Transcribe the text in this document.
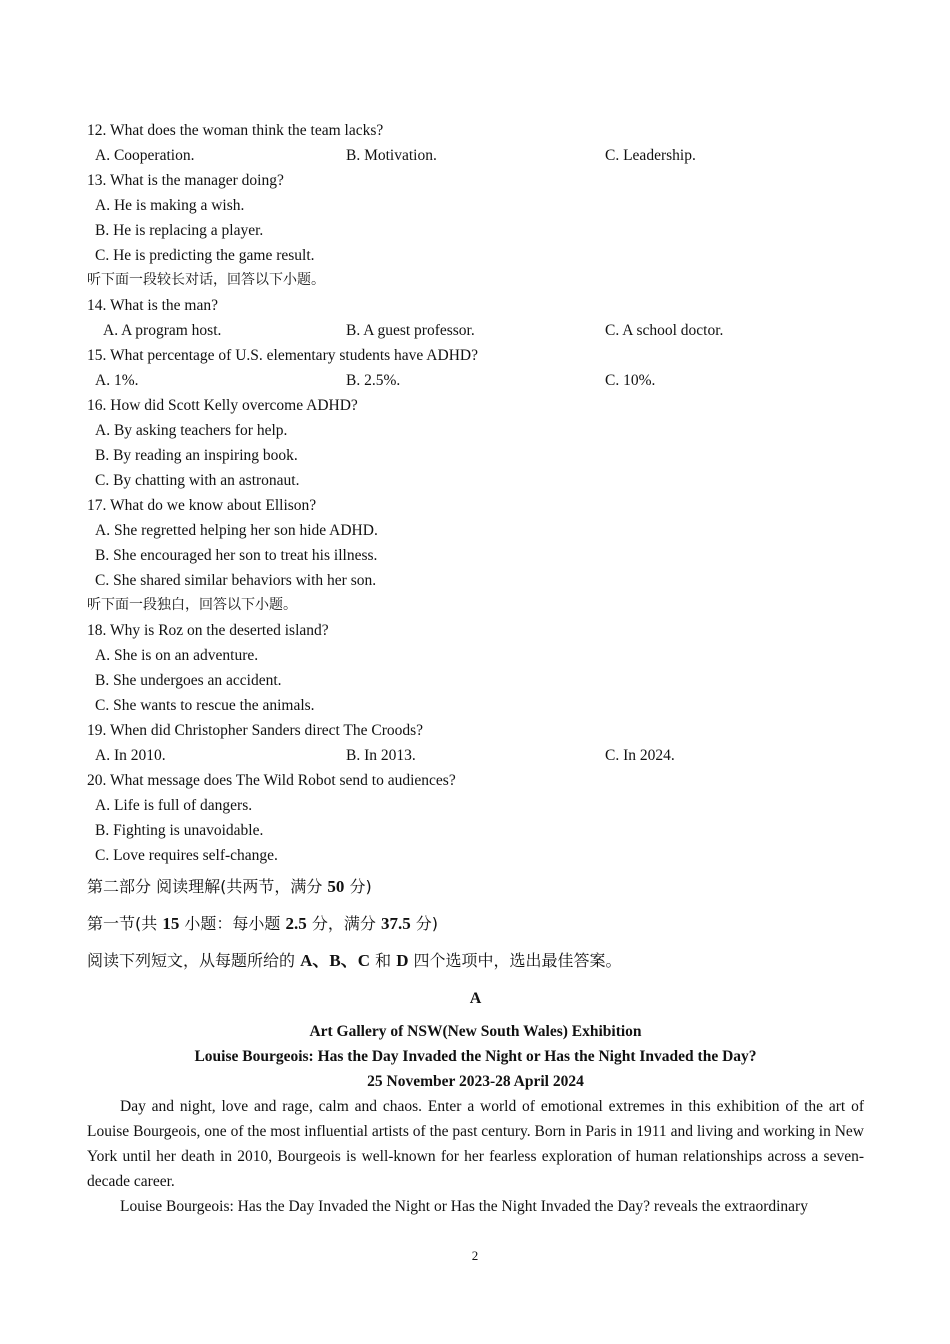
12. What does the woman think the team lacks?
A. Cooperation.	B. Motivation.	C. Leadership.
13. What is the manager doing?
A. He is making a wish.
B. He is replacing a player.
C. He is predicting the game result.
听下面一段较长对话，回答以下小题。
14. What is the man?
A. A program host.	B. A guest professor.	C. A school doctor.
15. What percentage of U.S. elementary students have ADHD?
A. 1%.	B. 2.5%.	C. 10%.
16. How did Scott Kelly overcome ADHD?
A. By asking teachers for help.
B. By reading an inspiring book.
C. By chatting with an astronaut.
17. What do we know about Ellison?
A. She regretted helping her son hide ADHD.
B. She encouraged her son to treat his illness.
C. She shared similar behaviors with her son.
听下面一段独白，回答以下小题。
18. Why is Roz on the deserted island?
A. She is on an adventure.
B. She undergoes an accident.
C. She wants to rescue the animals.
19. When did Christopher Sanders direct The Croods?
A. In 2010.	B. In 2013.	C. In 2024.
20. What message does The Wild Robot send to audiences?
A. Life is full of dangers.
B. Fighting is unavoidable.
C. Love requires self-change.
第二部分 阅读理解(共两节，满分 50 分)
第一节(共 15 小题：每小题 2.5 分，满分 37.5 分)
阅读下列短文，从每题所给的 A、B、C 和 D 四个选项中，选出最佳答案。
A
Art Gallery of NSW(New South Wales) Exhibition
Louise Bourgeois: Has the Day Invaded the Night or Has the Night Invaded the Day?
25 November 2023-28 April 2024
Day and night, love and rage, calm and chaos. Enter a world of emotional extremes in this exhibition of the art of Louise Bourgeois, one of the most influential artists of the past century. Born in Paris in 1911 and living and working in New York until her death in 2010, Bourgeois is well-known for her fearless exploration of human relationships across a seven-decade career.
Louise Bourgeois: Has the Day Invaded the Night or Has the Night Invaded the Day? reveals the extraordinary
2
